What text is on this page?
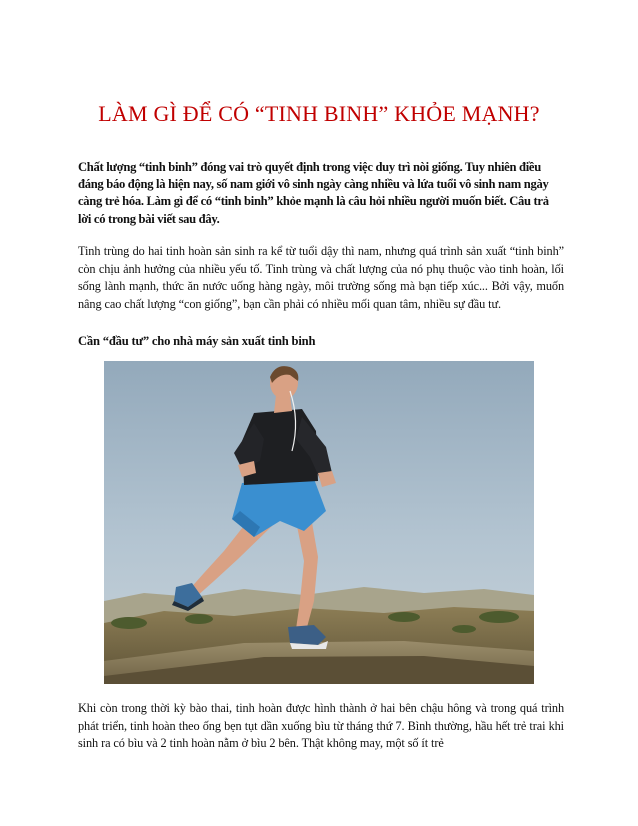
LÀM GÌ ĐỂ CÓ “TINH BINH” KHỎE MẠNH?

Chất lượng “tinh binh” đóng vai trò quyết định trong việc duy trì nòi giống. Tuy nhiên điều đáng báo động là hiện nay, số nam giới vô sinh ngày càng nhiều và lứa tuổi vô sinh nam ngày càng trẻ hóa. Làm gì để có “tinh binh” khỏe mạnh là câu hỏi nhiều người muốn biết. Câu trả lời có trong bài viết sau đây.

Tinh trùng do hai tinh hoàn sản sinh ra kể từ tuổi dậy thì nam, nhưng quá trình sản xuất “tinh binh” còn chịu ảnh hưởng của nhiều yếu tố. Tinh trùng và chất lượng của nó phụ thuộc vào tinh hoàn, lối sống lành mạnh, thức ăn nước uống hàng ngày, môi trường sống mà bạn tiếp xúc... Bởi vậy, muốn nâng cao chất lượng “con giống”, bạn cần phải có nhiều mối quan tâm, nhiều sự đầu tư.

Cần “đầu tư” cho nhà máy sản xuất tinh binh

Khi còn trong thời kỳ bào thai, tinh hoàn được hình thành ở hai bên chậu hông và trong quá trình phát triển, tinh hoàn theo ống bẹn tụt dần xuống bìu từ tháng thứ 7. Bình thường, hầu hết trẻ trai khi sinh ra có bìu và 2 tinh hoàn nằm ở bìu 2 bên. Thật không may, một số ít trẻ
